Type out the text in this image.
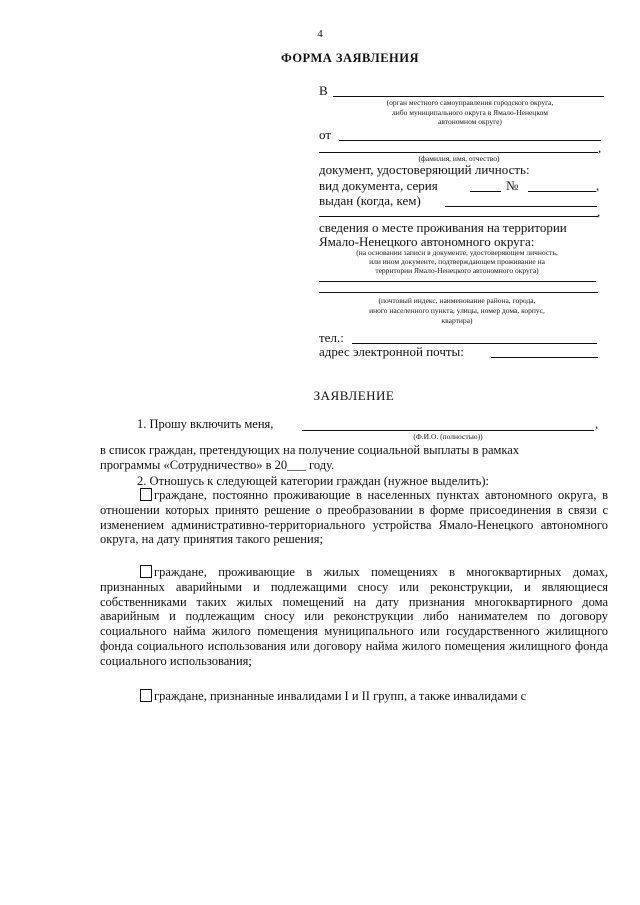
4
ФОРМА ЗАЯВЛЕНИЯ
В
(орган местного самоуправления городского округа,
либо муниципального округа в Ямало-Ненецком
автономном округе)
от
,
(фамилия, имя, отчество)
документ, удостоверяющий личность:
вид документа, серия	№	,
выдан (когда, кем)
,
сведения о месте проживания на территории
Ямало-Ненецкого автономного округа:
(на основании записи в документе, удостоверяющем личность,
или ином документе, подтверждающем проживание на
территории Ямало-Ненецкого автономного округа)
(почтовый индекс, наименование района, города,
иного населенного пункта, улицы, номер дома, корпус,
квартира)
тел.:
адрес электронной почты:
ЗАЯВЛЕНИЕ
1. Прошу включить меня,	,
(Ф.И.О. (полностью))
в список граждан, претендующих на получение социальной выплаты в рамках
программы «Сотрудничество» в 20___ году.
2. Отношусь к следующей категории граждан (нужное выделить):
граждане, постоянно проживающие в населенных пунктах автономного округа, в отношении которых принято решение о преобразовании в форме присоединения в связи с изменением административно-территориального устройства Ямало-Ненецкого автономного округа, на дату принятия такого решения;
граждане, проживающие в жилых помещениях в многоквартирных домах, признанных аварийными и подлежащими сносу или реконструкции, и являющиеся собственниками таких жилых помещений на дату признания многоквартирного дома аварийным и подлежащим сносу или реконструкции либо нанимателем по договору социального найма жилого помещения муниципального или государственного жилищного фонда социального использования или договору найма жилого помещения жилищного фонда социального использования;
граждане, признанные инвалидами I и II групп, а также инвалидами с
